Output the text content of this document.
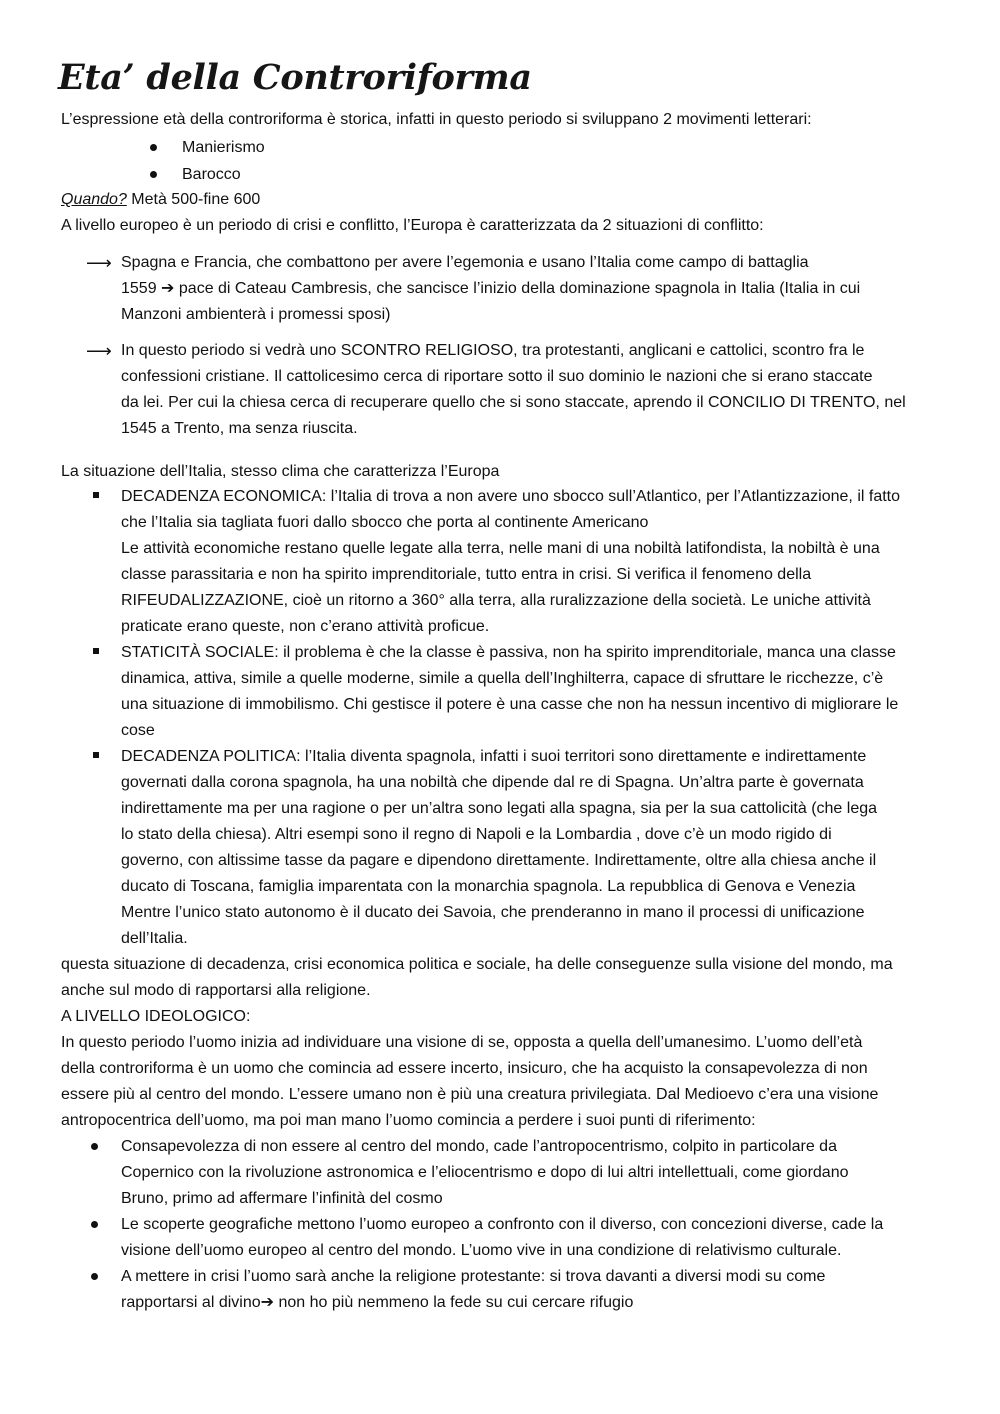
Eta’ della Controriforma
L’espressione età della controriforma è storica, infatti in questo periodo si sviluppano 2 movimenti letterari:
Manierismo
Barocco
Quando? Metà 500-fine 600
A livello europeo è un periodo di crisi e conflitto, l’Europa è caratterizzata da 2 situazioni di conflitto:
⟶ Spagna e Francia, che combattono per avere l’egemonia e usano l’Italia come campo di battaglia
1559 ➔ pace di Cateau Cambresis, che sancisce l’inizio della dominazione spagnola in Italia (Italia in cui
Manzoni ambienterà i promessi sposi)
⟶ In questo periodo si vedrà uno SCONTRO RELIGIOSO, tra protestanti, anglicani e cattolici, scontro fra le
confessioni cristiane. Il cattolicesimo cerca di riportare sotto il suo dominio le nazioni che si erano staccate
da lei. Per cui la chiesa cerca di recuperare quello che si sono staccate, aprendo il CONCILIO DI TRENTO, nel
1545 a Trento, ma senza riuscita.
La situazione dell’Italia, stesso clima che caratterizza l’Europa
DECADENZA ECONOMICA: l’Italia di trova a non avere uno sbocco sull’Atlantico, per l’Atlantizzazione, il fatto
che l’Italia sia tagliata fuori dallo sbocco che porta al continente Americano
Le attività economiche restano quelle legate alla terra, nelle mani di una nobiltà latifondista, la nobiltà è una
classe parassitaria e non ha spirito imprenditoriale, tutto entra in crisi. Si verifica il fenomeno della
RIFEUDALIZZAZIONE, cioè un ritorno a 360° alla terra, alla ruralizzazione della società. Le uniche attività
praticate erano queste, non c’erano attività proficue.
STATICITÀ SOCIALE: il problema è che la classe è passiva, non ha spirito imprenditoriale, manca una classe
dinamica, attiva, simile a quelle moderne, simile a quella dell’Inghilterra, capace di sfruttare le ricchezze, c’è
una situazione di immobilismo. Chi gestisce il potere è una casse che non ha nessun incentivo di migliorare le
cose
DECADENZA POLITICA: l’Italia diventa spagnola, infatti i suoi territori sono direttamente e indirettamente
governati dalla corona spagnola, ha una nobiltà che dipende dal re di Spagna. Un’altra parte è governata
indirettamente ma per una ragione o per un’altra sono legati alla spagna, sia per la sua cattolicità (che lega
lo stato della chiesa). Altri esempi sono il regno di Napoli e la Lombardia , dove c’è un modo rigido di
governo, con altissime tasse da pagare e dipendono direttamente. Indirettamente, oltre alla chiesa anche il
ducato di Toscana, famiglia imparentata con la monarchia spagnola. La repubblica di Genova e Venezia
Mentre l’unico stato autonomo è il ducato dei Savoia, che prenderanno in mano il processi di unificazione
dell’Italia.
questa situazione di decadenza, crisi economica politica e sociale, ha delle conseguenze sulla visione del mondo, ma
anche sul modo di rapportarsi alla religione.
A LIVELLO IDEOLOGICO:
In questo periodo l’uomo inizia ad individuare una visione di se, opposta a quella dell’umanesimo. L’uomo dell’età
della controriforma è un uomo che comincia ad essere incerto, insicuro, che ha acquisto la consapevolezza di non
essere più al centro del mondo. L’essere umano non è più una creatura privilegiata. Dal Medioevo c’era una visione
antropocentrica dell’uomo, ma poi man mano l’uomo comincia a perdere i suoi punti di riferimento:
Consapevolezza di non essere al centro del mondo, cade l’antropocentrismo, colpito in particolare da
Copernico con la rivoluzione astronomica e l’eliocentrismo e dopo di lui altri intellettuali, come giordano
Bruno, primo ad affermare l’infinità del cosmo
Le scoperte geografiche mettono l’uomo europeo a confronto con il diverso, con concezioni diverse, cade la
visione dell’uomo europeo al centro del mondo. L’uomo vive in una condizione di relativismo culturale.
A mettere in crisi l’uomo sarà anche la religione protestante: si trova davanti a diversi modi su come
rapportarsi al divino➔ non ho più nemmeno la fede su cui cercare rifugio
